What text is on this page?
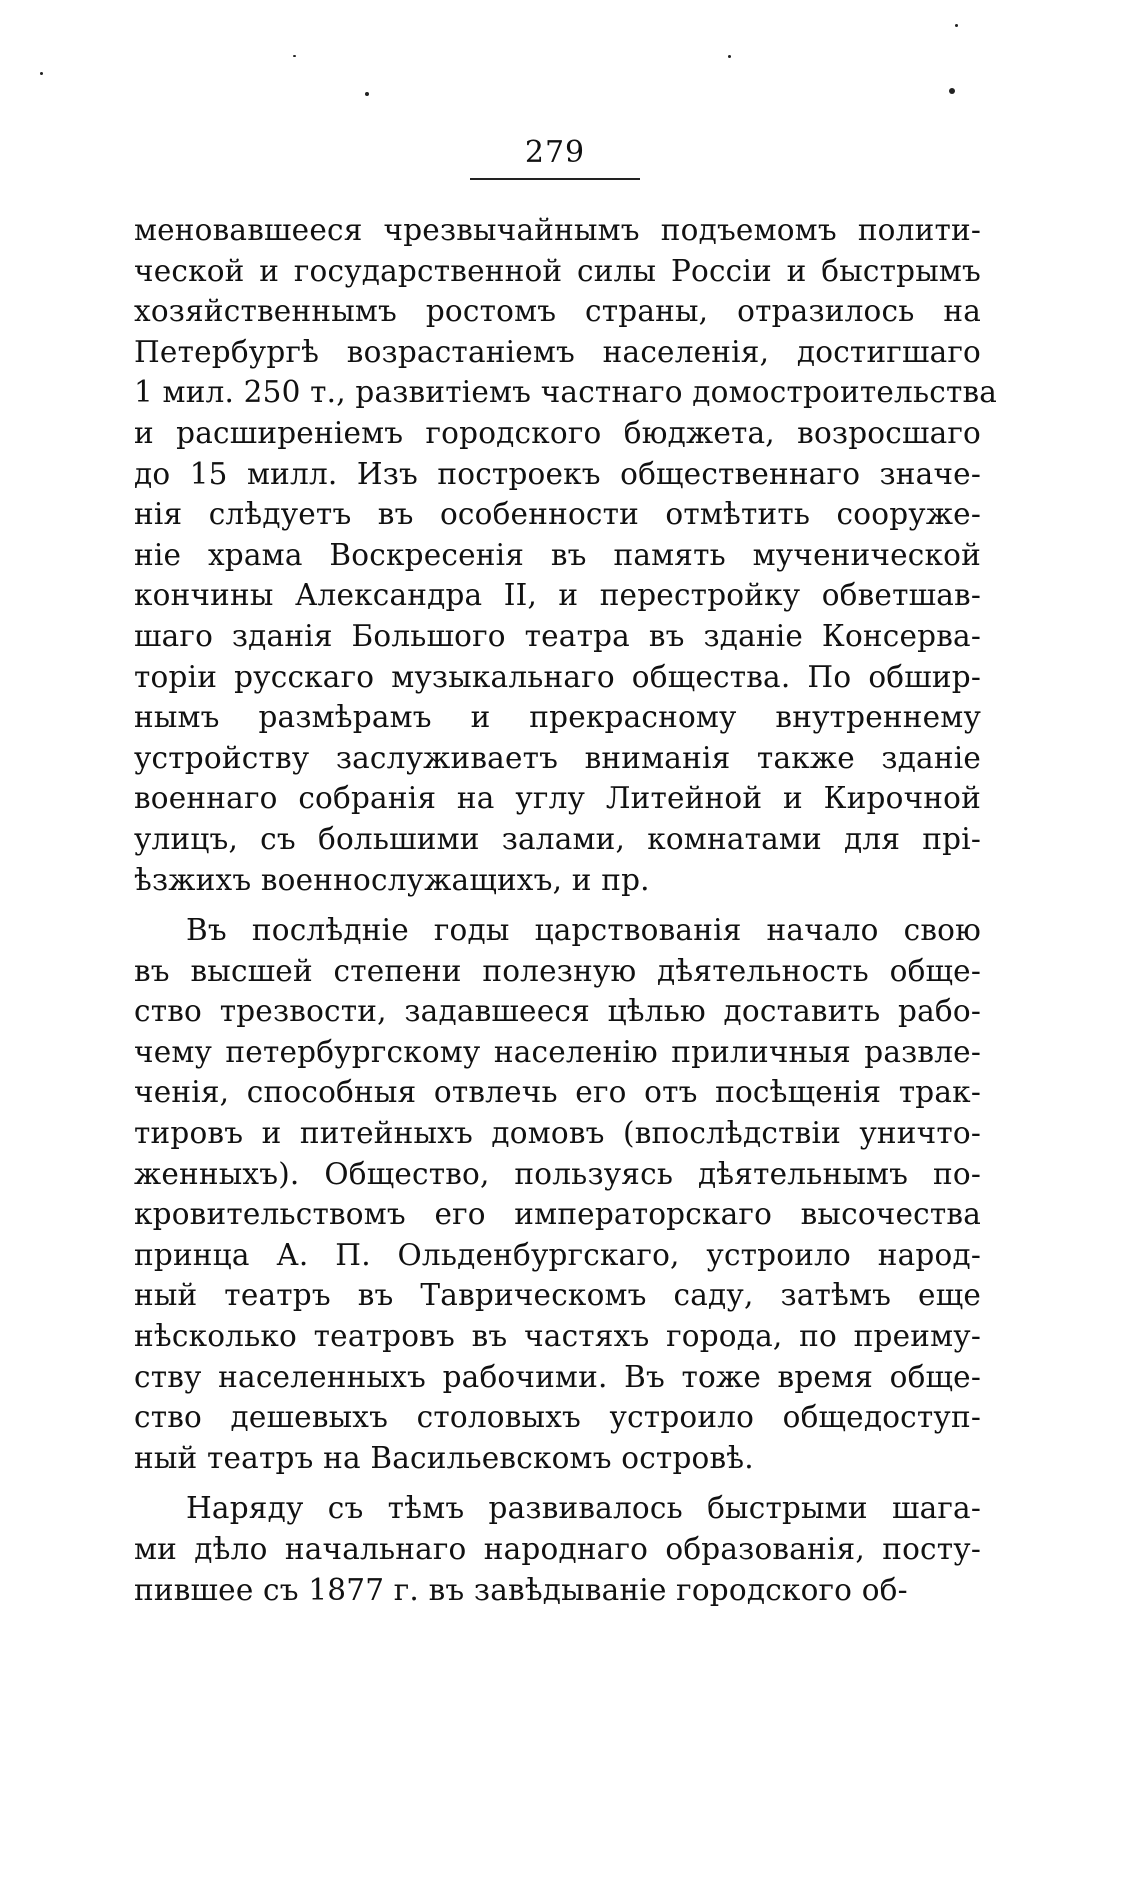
279
меновавшееся чрезвычайнымъ подъемомъ полити-
ческой и государственной силы Россіи и быстрымъ
хозяйственнымъ ростомъ страны, отразилось на
Петербургѣ возрастаніемъ населенія, достигшаго
1 мил. 250 т., развитіемъ частнаго домостроительства
и расширеніемъ городского бюджета, возросшаго
до 15 милл. Изъ построекъ общественнаго значе-
нія слѣдуетъ въ особенности отмѣтить сооруже-
ніе храма Воскресенія въ память мученической
кончины Александра II, и перестройку обветшав-
шаго зданія Большого театра въ зданіе Консерва-
торіи русскаго музыкальнаго общества. По обшир-
нымъ размѣрамъ и прекрасному внутреннему
устройству заслуживаетъ вниманія также зданіе
военнаго собранія на углу Литейной и Кирочной
улицъ, съ большими залами, комнатами для прі-
ѣзжихъ военнослужащихъ, и пр.
Въ послѣдніе годы царствованія начало свою
въ высшей степени полезную дѣятельность обще-
ство трезвости, задавшееся цѣлью доставить рабо-
чему петербургскому населенію приличныя развле-
ченія, способныя отвлечь его отъ посѣщенія трак-
тировъ и питейныхъ домовъ (впослѣдствіи уничто-
женныхъ). Общество, пользуясь дѣятельнымъ по-
кровительствомъ его императорскаго высочества
принца А. П. Ольденбургскаго, устроило народ-
ный театръ въ Таврическомъ саду, затѣмъ еще
нѣсколько театровъ въ частяхъ города, по преиму-
ству населенныхъ рабочими. Въ тоже время обще-
ство дешевыхъ столовыхъ устроило общедоступ-
ный театръ на Васильевскомъ островѣ.
Наряду съ тѣмъ развивалось быстрыми шага-
ми дѣло начальнаго народнаго образованія, посту-
пившее съ 1877 г. въ завѣдываніе городского об-
